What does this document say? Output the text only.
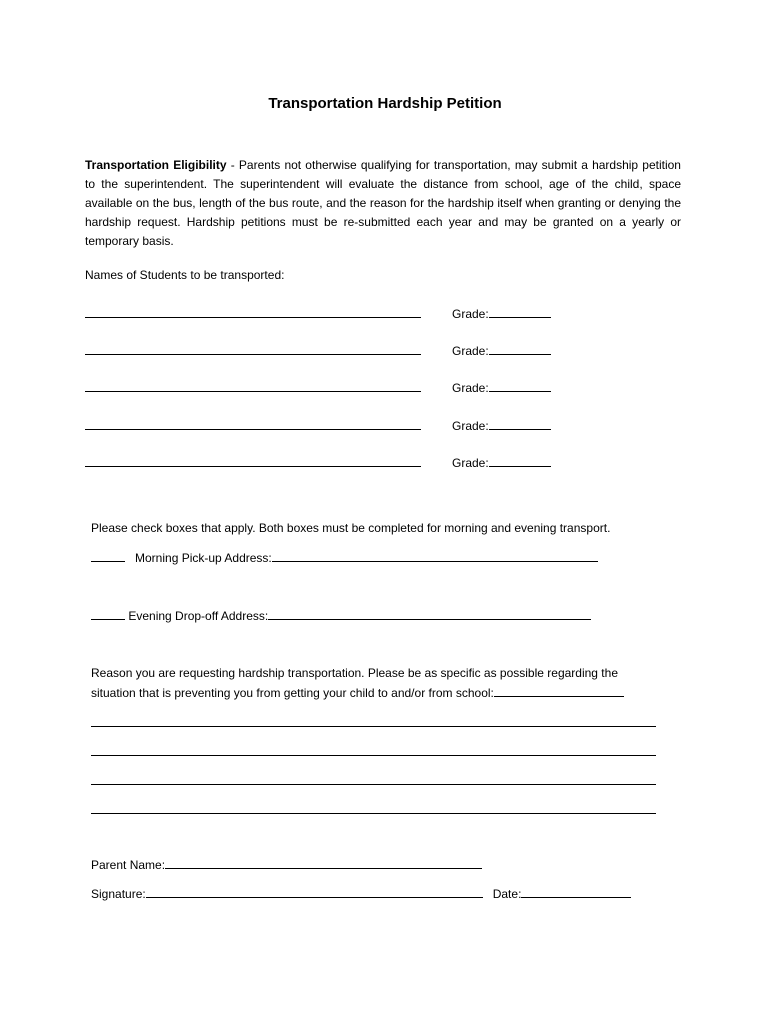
Transportation Hardship Petition
Transportation Eligibility - Parents not otherwise qualifying for transportation, may submit a hardship petition to the superintendent. The superintendent will evaluate the distance from school, age of the child, space available on the bus, length of the bus route, and the reason for the hardship itself when granting or denying the hardship request. Hardship petitions must be re-submitted each year and may be granted on a yearly or temporary basis.
Names of Students to be transported:
Grade:
Grade:
Grade:
Grade:
Grade:
Please check boxes that apply. Both boxes must be completed for morning and evening transport.
Morning Pick-up Address:
Evening Drop-off Address:
Reason you are requesting hardship transportation. Please be as specific as possible regarding the
situation that is preventing you from getting your child to and/or from school:
Parent Name:
Signature:	Date:
